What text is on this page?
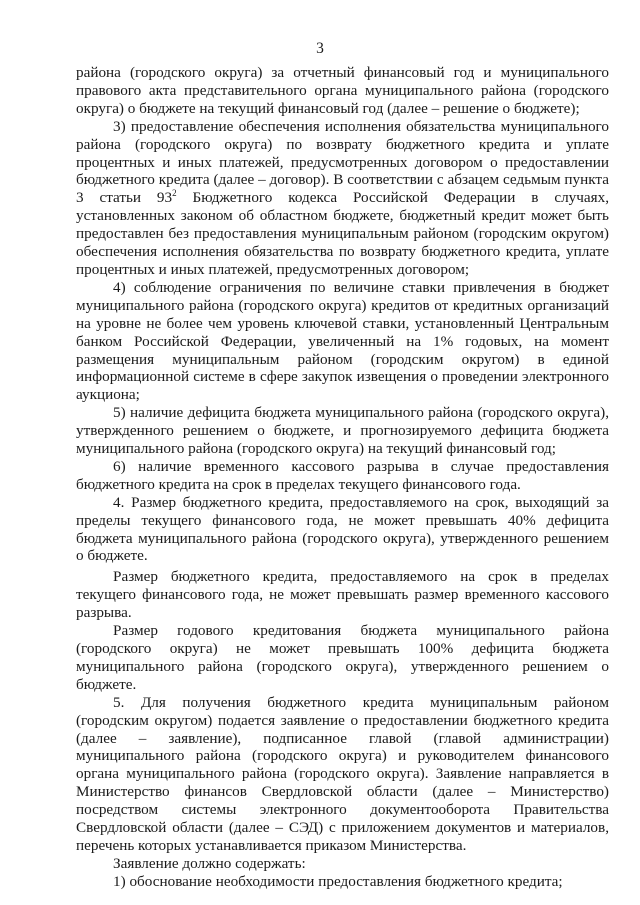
3

района (городского округа) за отчетный финансовый год и муниципального правового акта представительного органа муниципального района (городского округа) о бюджете на текущий финансовый год (далее – решение о бюджете);

3) предоставление обеспечения исполнения обязательства муниципального района (городского округа) по возврату бюджетного кредита и уплате процентных и иных платежей, предусмотренных договором о предоставлении бюджетного кредита (далее – договор). В соответствии с абзацем седьмым пункта 3 статьи $93^2$ Бюджетного кодекса Российской Федерации в случаях, установленных законом об областном бюджете, бюджетный кредит может быть предоставлен без предоставления муниципальным районом (городским округом) обеспечения исполнения обязательства по возврату бюджетного кредита, уплате процентных и иных платежей, предусмотренных договором;

4) соблюдение ограничения по величине ставки привлечения в бюджет муниципального района (городского округа) кредитов от кредитных организаций на уровне не более чем уровень ключевой ставки, установленный Центральным банком Российской Федерации, увеличенный на 1% годовых, на момент размещения муниципальным районом (городским округом) в единой информационной системе в сфере закупок извещения о проведении электронного аукциона;

5) наличие дефицита бюджета муниципального района (городского округа), утвержденного решением о бюджете, и прогнозируемого дефицита бюджета муниципального района (городского округа) на текущий финансовый год;

6) наличие временного кассового разрыва в случае предоставления бюджетного кредита на срок в пределах текущего финансового года.

4. Размер бюджетного кредита, предоставляемого на срок, выходящий за пределы текущего финансового года, не может превышать 40% дефицита бюджета муниципального района (городского округа), утвержденного решением о бюджете.

Размер бюджетного кредита, предоставляемого на срок в пределах текущего финансового года, не может превышать размер временного кассового разрыва.

Размер годового кредитования бюджета муниципального района (городского округа) не может превышать 100% дефицита бюджета муниципального района (городского округа), утвержденного решением о бюджете.

5. Для получения бюджетного кредита муниципальным районом (городским округом) подается заявление о предоставлении бюджетного кредита (далее – заявление), подписанное главой (главой администрации) муниципального района (городского округа) и руководителем финансового органа муниципального района (городского округа). Заявление направляется в Министерство финансов Свердловской области (далее – Министерство) посредством системы электронного документооборота Правительства Свердловской области (далее – СЭД) с приложением документов и материалов, перечень которых устанавливается приказом Министерства.

Заявление должно содержать:

1) обоснование необходимости предоставления бюджетного кредита;
